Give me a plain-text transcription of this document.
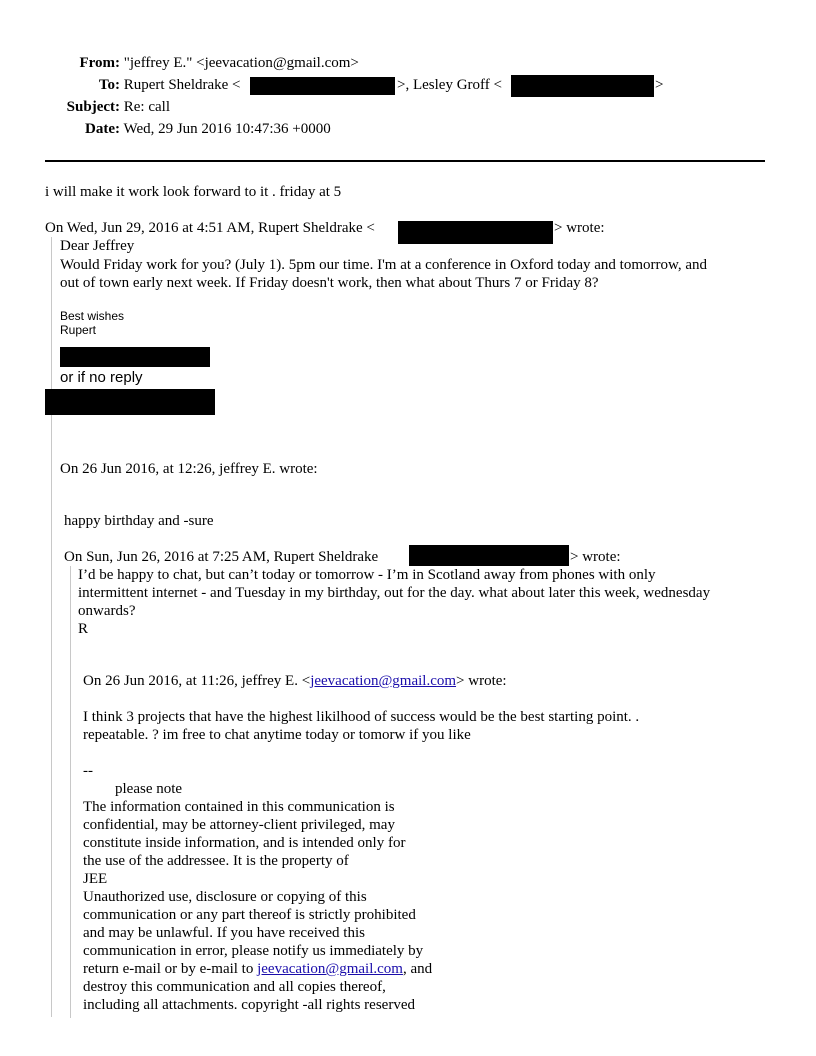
From: "jeffrey E." <jeevacation@gmail.com>
To: Rupert Sheldrake <	>, Lesley Groff <	>
Subject: Re: call
Date: Wed, 29 Jun 2016 10:47:36 +0000
i will make it work look forward to it . friday at 5
On Wed, Jun 29, 2016 at 4:51 AM, Rupert Sheldrake <	> wrote:
Dear Jeffrey
Would Friday work for you? (July 1). 5pm our time. I'm at a conference in Oxford today and tomorrow, and
out of town early next week. If Friday doesn't work, then what about Thurs 7 or Friday 8?
Best wishes
Rupert
or if no reply
On 26 Jun 2016, at 12:26, jeffrey E. wrote:
happy birthday and -sure
On Sun, Jun 26, 2016 at 7:25 AM, Rupert Sheldrake	> wrote:
I’d be happy to chat, but can’t today or tomorrow - I’m in Scotland away from phones with only
intermittent internet - and Tuesday in my birthday, out for the day. what about later this week, wednesday
onwards?
R
On 26 Jun 2016, at 11:26, jeffrey E. <jeevacation@gmail.com> wrote:
I think 3 projects that have the highest likilhood of success would be the best starting point. .
repeatable. ? im free to chat anytime today or tomorw if you like
--
please note
The information contained in this communication is
confidential, may be attorney-client privileged, may
constitute inside information, and is intended only for
the use of the addressee. It is the property of
JEE
Unauthorized use, disclosure or copying of this
communication or any part thereof is strictly prohibited
and may be unlawful. If you have received this
communication in error, please notify us immediately by
return e-mail or by e-mail to jeevacation@gmail.com, and
destroy this communication and all copies thereof,
including all attachments. copyright -all rights reserved
